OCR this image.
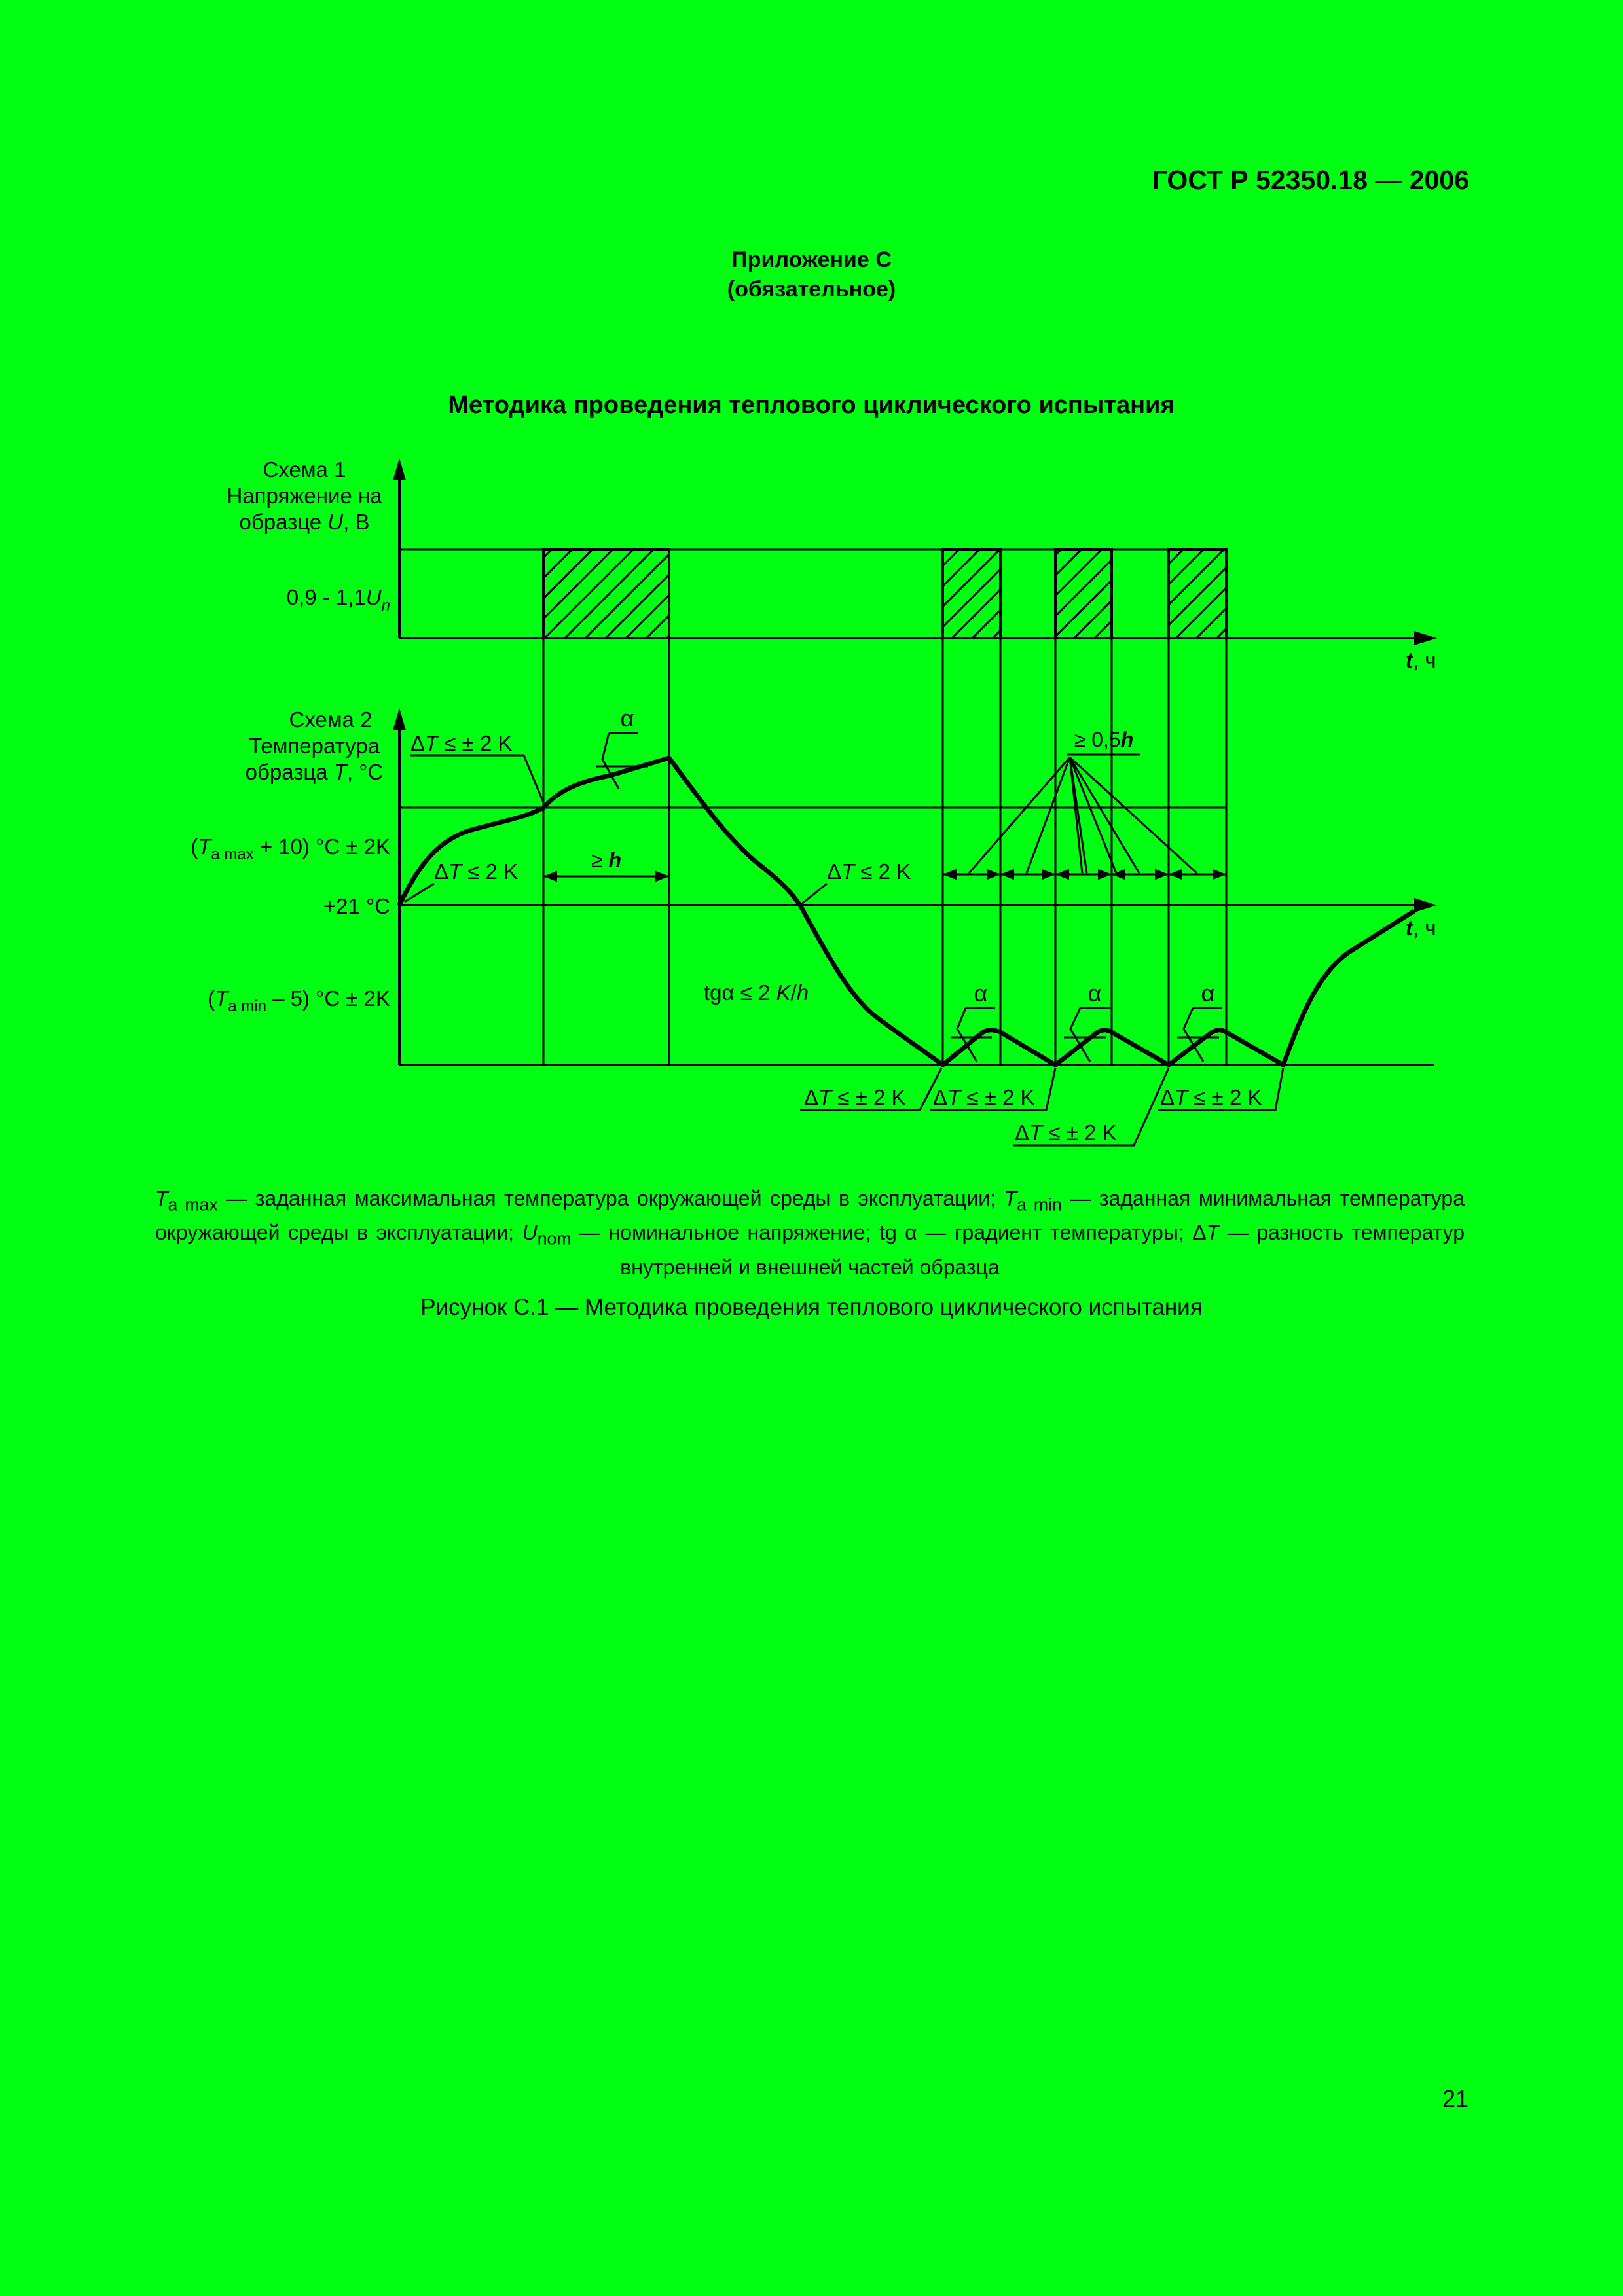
ГОСТ Р 52350.18 — 2006
Приложение С
(обязательное)
Методика проведения теплового циклического испытания
Схема 1
Напряжение на
образце U, В
$0,9 - 1,1U_n$
t, ч
≥ h
≥ 0,5h
ΔT ≤ ± 2 K
ΔT ≤ 2 K	ΔT ≤ 2 K
ΔT ≤ ± 2 K ΔT ≤ ± 2 K
ΔT ≤ ± 2 K
ΔT ≤ ± 2 K
α
α	α	α
tgα ≤ 2 K/h
Схема 2
Температура
образца T, °C
$(T_{a max} + 10) ^\circ C \pm 2K$
+21 °C
$(T_{a min} - 5) ^\circ C \pm 2K$
t, ч
$T_{a max}$ — заданная максимальная температура окружающей среды в эксплуатации; $T_{a min}$ — заданная минимальная температура окружающей среды в эксплуатации; $U_{nom}$ — номинальное напряжение; tg α — градиент температуры; ΔT — разность температур внутренней и внешней частей образца
Рисунок С.1 — Методика проведения теплового циклического испытания
21
